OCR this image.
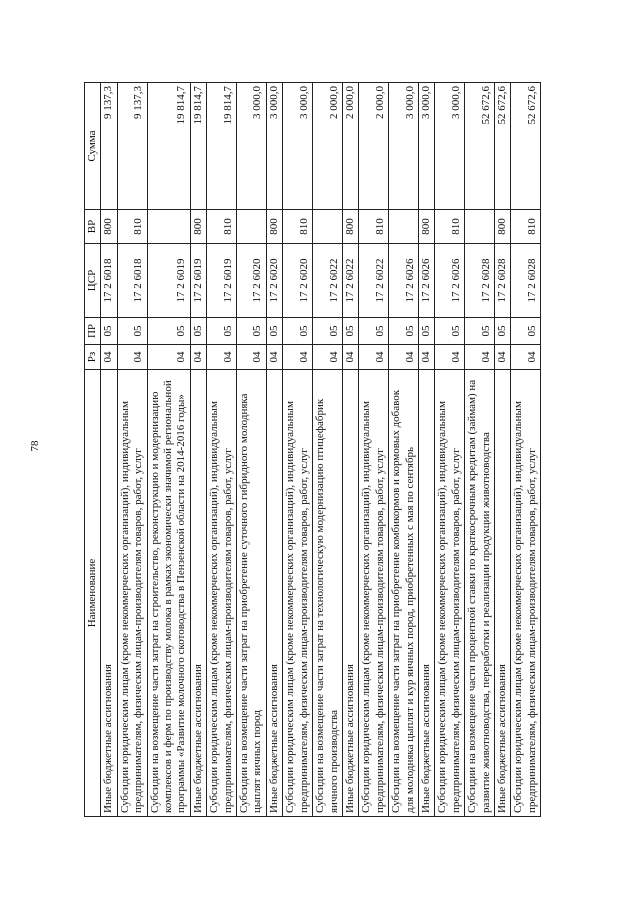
78
Наименование	Рз	ПР	ЦСР	ВР	Сумма
Иные бюджетные ассигнования	04	05	17 2 6018	800	9 137,3
Субсидии юридическим лицам (кроме некоммерческих организаций), индивидуальным предпринимателям, физическим лицам-производителям товаров, работ, услуг	04	05	17 2 6018	810	9 137,3
Субсидии на возмещение части затрат на строительство, реконструкцию и модернизацию комплексов и ферм по производству молока в рамках экономически значимой региональной программы «Развитие молочного скотоводства в Пензенской области на 2014-2016 годы»	04	05	17 2 6019		19 814,7
Иные бюджетные ассигнования	04	05	17 2 6019	800	19 814,7
Субсидии юридическим лицам (кроме некоммерческих организаций), индивидуальным предпринимателям, физическим лицам-производителям товаров, работ, услуг	04	05	17 2 6019	810	19 814,7
Субсидии на возмещение части затрат на приобретение суточного гибридного молодняка цыплят яичных пород	04	05	17 2 6020		3 000,0
Иные бюджетные ассигнования	04	05	17 2 6020	800	3 000,0
Субсидии юридическим лицам (кроме некоммерческих организаций), индивидуальным предпринимателям, физическим лицам-производителям товаров, работ, услуг	04	05	17 2 6020	810	3 000,0
Субсидии на возмещение части затрат на технологическую модернизацию птицефабрик яичного производства	04	05	17 2 6022		2 000,0
Иные бюджетные ассигнования	04	05	17 2 6022	800	2 000,0
Субсидии юридическим лицам (кроме некоммерческих организаций), индивидуальным предпринимателям, физическим лицам-производителям товаров, работ, услуг	04	05	17 2 6022	810	2 000,0
Субсидии на возмещение части затрат на приобретение комбикормов и кормовых добавок для молодняка цыплят и кур яичных пород, приобретенных с мая по сентябрь	04	05	17 2 6026		3 000,0
Иные бюджетные ассигнования	04	05	17 2 6026	800	3 000,0
Субсидии юридическим лицам (кроме некоммерческих организаций), индивидуальным предпринимателям, физическим лицам-производителям товаров, работ, услуг	04	05	17 2 6026	810	3 000,0
Субсидии на возмещение части процентной ставки по краткосрочным кредитам (займам) на развитие животноводства, переработки и реализации продукции животноводства	04	05	17 2 6028		52 672,6
Иные бюджетные ассигнования	04	05	17 2 6028	800	52 672,6
Субсидии юридическим лицам (кроме некоммерческих организаций), индивидуальным предпринимателям, физическим лицам-производителям товаров, работ, услуг	04	05	17 2 6028	810	52 672,6
